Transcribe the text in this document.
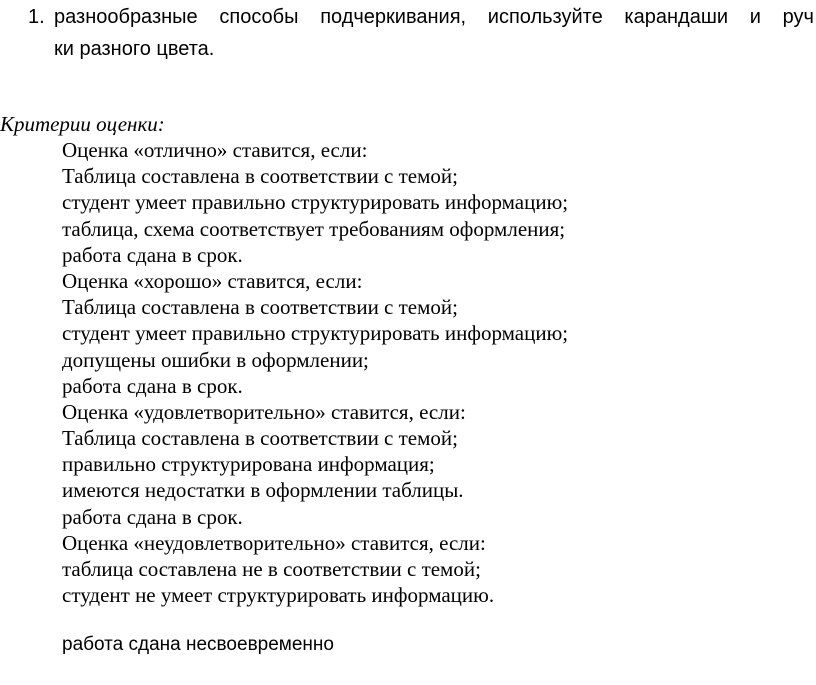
1. разнообразные способы подчеркивания, используйте карандаши и руч
ки разного цвета.
Критерии оценки:
Оценка «отлично» ставится, если:
Таблица составлена в соответствии с темой;
студент умеет правильно структурировать информацию;
таблица, схема соответствует требованиям оформления;
работа сдана в срок.
Оценка «хорошо» ставится, если:
Таблица составлена в соответствии с темой;
студент умеет правильно структурировать информацию;
допущены ошибки в оформлении;
работа сдана в срок.
Оценка «удовлетворительно» ставится, если:
Таблица составлена в соответствии с темой;
правильно структурирована информация;
имеются недостатки в оформлении таблицы.
работа сдана в срок.
Оценка «неудовлетворительно» ставится, если:
таблица составлена не в соответствии с темой;
студент не умеет структурировать информацию.
работа сдана несвоевременно
